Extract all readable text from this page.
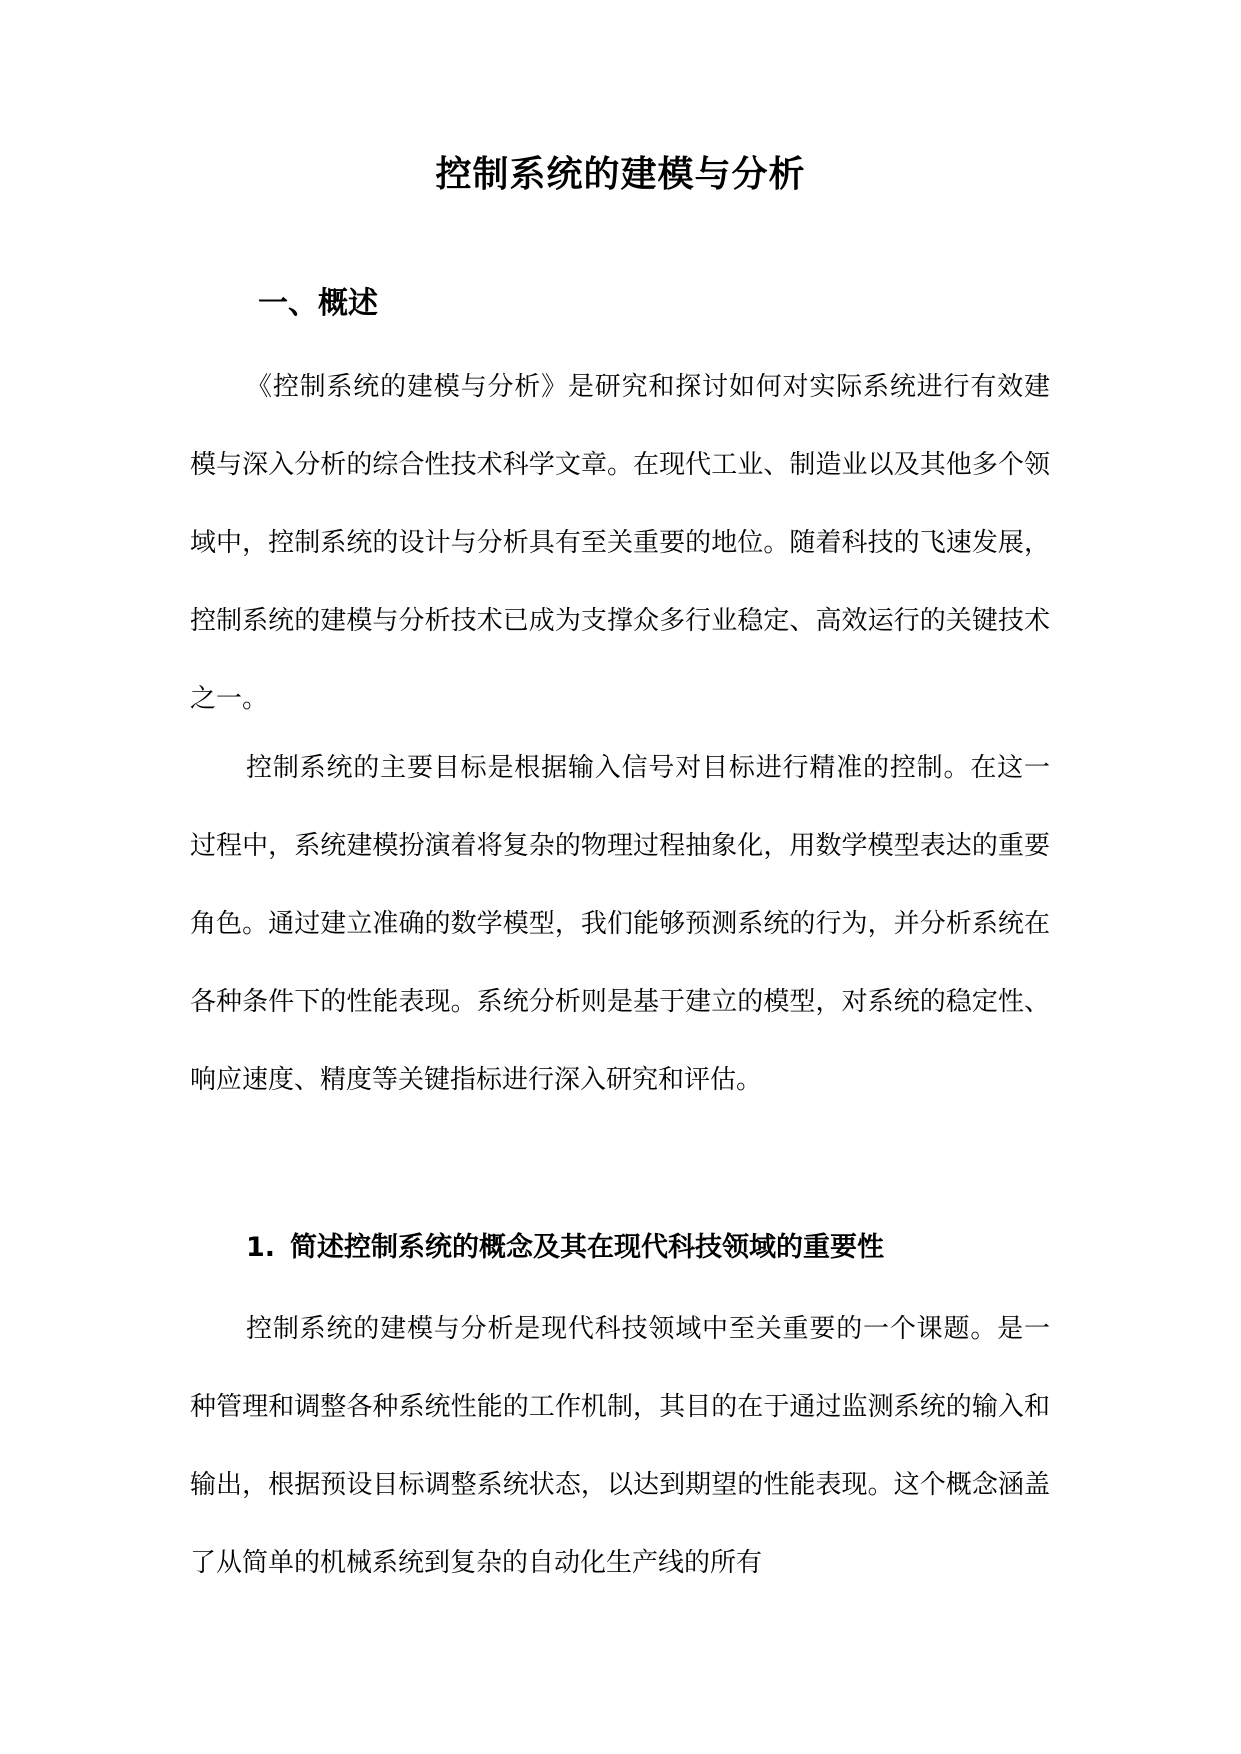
控制系统的建模与分析
一、概述

《控制系统的建模与分析》是研究和探讨如何对实际系统进行有效建模与深入分析的综合性技术科学文章。在现代工业、制造业以及其他多个领域中，控制系统的设计与分析具有至关重要的地位。随着科技的飞速发展，控制系统的建模与分析技术已成为支撑众多行业稳定、高效运行的关键技术之一。

控制系统的主要目标是根据输入信号对目标进行精准的控制。在这一过程中，系统建模扮演着将复杂的物理过程抽象化，用数学模型表达的重要角色。通过建立准确的数学模型，我们能够预测系统的行为，并分析系统在各种条件下的性能表现。系统分析则是基于建立的模型，对系统的稳定性、响应速度、精度等关键指标进行深入研究和评估。

1. 简述控制系统的概念及其在现代科技领域的重要性

控制系统的建模与分析是现代科技领域中至关重要的一个课题。是一种管理和调整各种系统性能的工作机制，其目的在于通过监测系统的输入和输出，根据预设目标调整系统状态，以达到期望的性能表现。这个概念涵盖了从简单的机械系统到复杂的自动化生产线的所有
